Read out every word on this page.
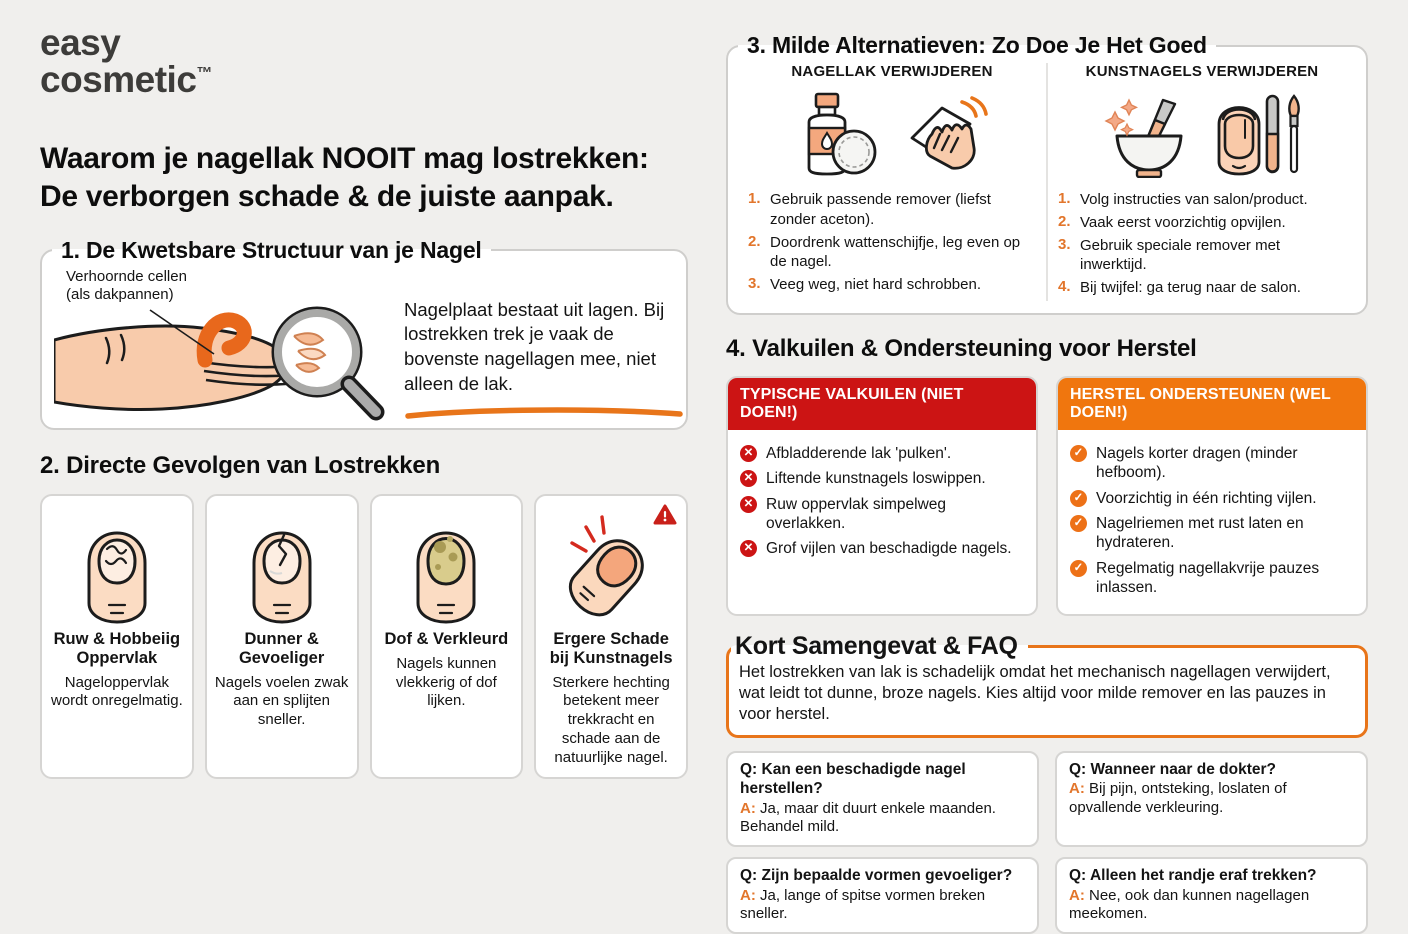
easy
cosmetic™
Waarom je nagellak NOOIT mag lostrekken:
De verborgen schade & de juiste aanpak.
1. De Kwetsbare Structuur van je Nagel
Verhoornde cellen
(als dakpannen)

Nagelplaat bestaat uit lagen. Bij lostrekken trek je vaak de bovenste nagellagen mee, niet alleen de lak.

2. Directe Gevolgen van Lostrekken
Ruw & Hobbeiig Oppervlak

Nageloppervlak wordt onregelmatig.

Dunner & Gevoeliger

Nagels voelen zwak aan en splijten sneller.

Dof & Verkleurd

Nagels kunnen vlekkerig of dof lijken.

Ergere Schade bij Kunstnagels

Sterkere hechting betekent meer trekkracht en schade aan de natuurlijke nagel.

3. Milde Alternatieven: Zo Doe Je Het Goed
NAGELLAK VERWIJDEREN
1. Gebruik passende remover (liefst zonder aceton).
2. Doordrenk wattenschijfje, leg even op de nagel.
3. Veeg weg, niet hard schrobben.
KUNSTNAGELS VERWIJDEREN
1. Volg instructies van salon/product.
2. Vaak eerst voorzichtig opvijlen.
3. Gebruik speciale remover met inwerktijd.
4. Bij twijfel: ga terug naar de salon.
4. Valkuilen & Ondersteuning voor Herstel
TYPISCHE VALKUILEN (NIET DOEN!)
✕ Afbladderende lak 'pulken'.
✕ Liftende kunstnagels loswippen.
✕ Ruw oppervlak simpelweg overlakken.
✕ Grof vijlen van beschadigde nagels.
HERSTEL ONDERSTEUNEN (WEL DOEN!)
✓ Nagels korter dragen (minder hefboom).
✓ Voorzichtig in één richting vijlen.
✓ Nagelriemen met rust laten en hydrateren.
✓ Regelmatig nagellakvrije pauzes inlassen.
Kort Samengevat & FAQ

Het lostrekken van lak is schadelijk omdat het mechanisch nagellagen verwijdert, wat leidt tot dunne, broze nagels. Kies altijd voor milde remover en las pauzes in voor herstel.

Q: Kan een beschadigde nagel herstellen?
A: Ja, maar dit duurt enkele maanden. Behandel mild.
Q: Wanneer naar de dokter?
A: Bij pijn, ontsteking, loslaten of opvallende verkleuring.
Q: Zijn bepaalde vormen gevoeliger?
A: Ja, lange of spitse vormen breken sneller.
Q: Alleen het randje eraf trekken?
A: Nee, ook dan kunnen nagellagen meekomen.
